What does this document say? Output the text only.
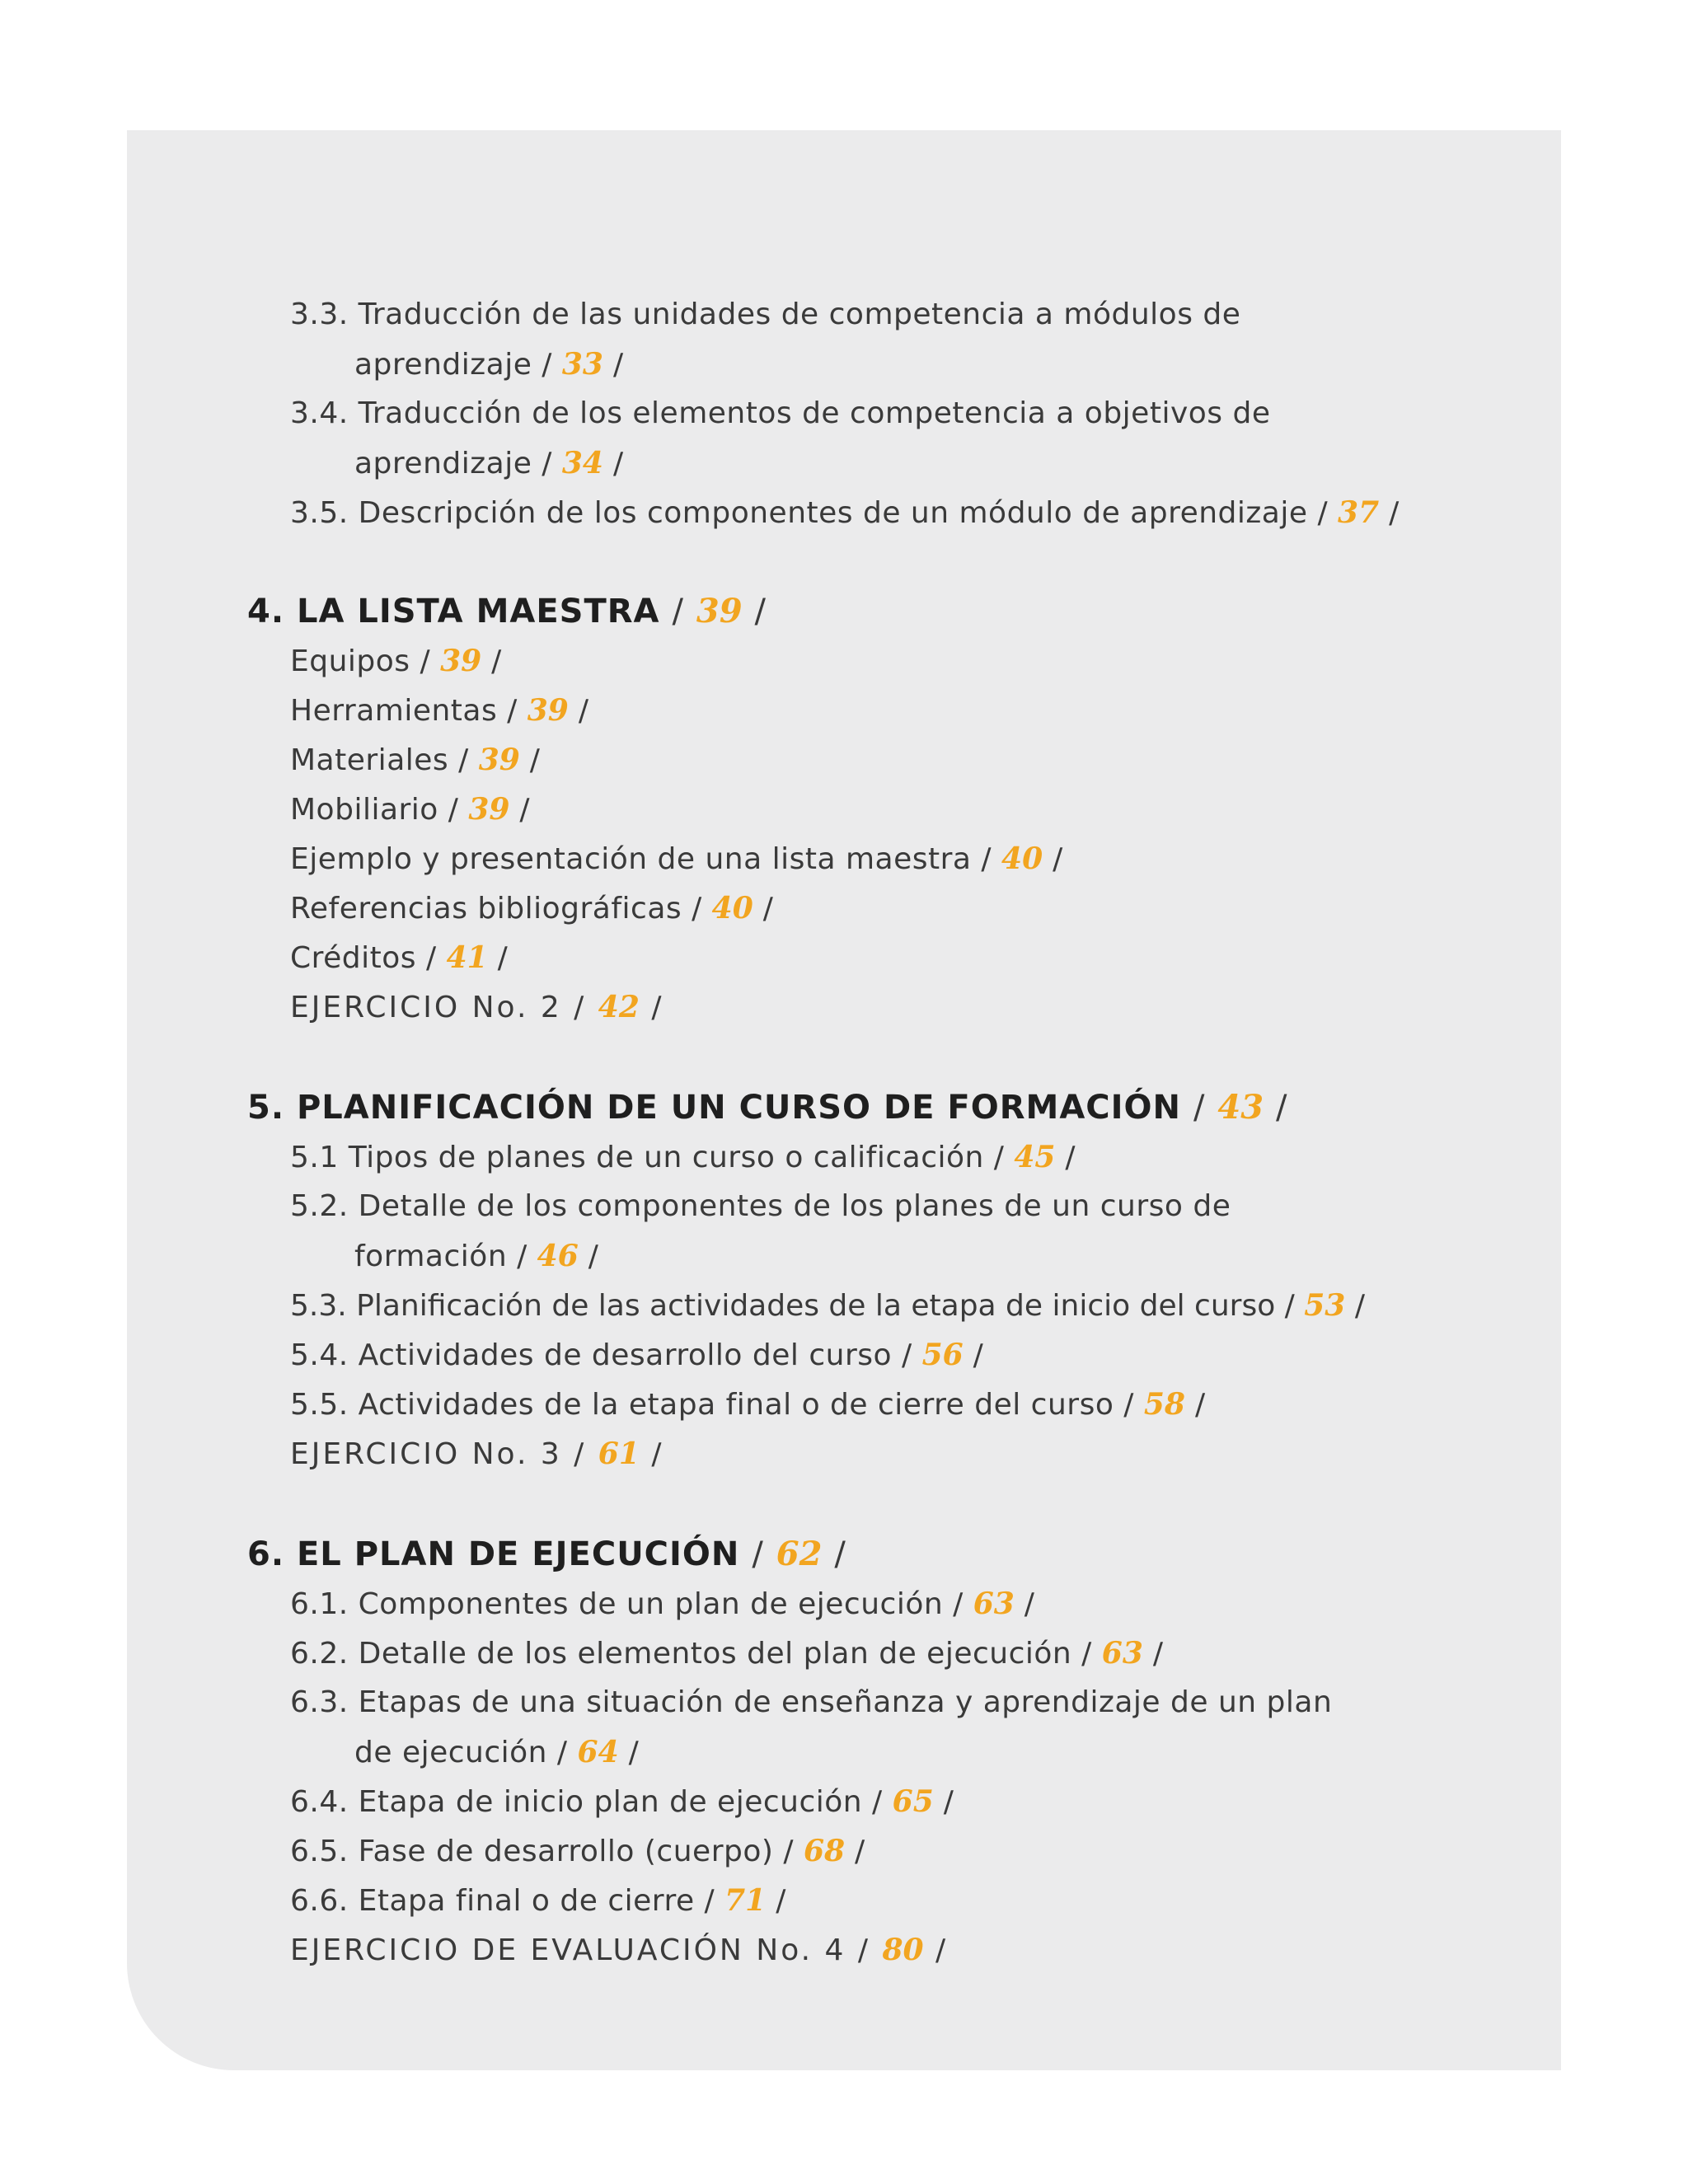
3.3. Traducción de las unidades de competencia a módulos de
aprendizaje / 33 /
3.4. Traducción de los elementos de competencia a objetivos de
aprendizaje / 34 /
3.5. Descripción de los componentes de un módulo de aprendizaje / 37 /
4. LA LISTA MAESTRA / 39 /
Equipos / 39 /
Herramientas / 39 /
Materiales / 39 /
Mobiliario / 39 /
Ejemplo y presentación de una lista maestra / 40 /
Referencias bibliográficas / 40 /
Créditos / 41 /
EJERCICIO No. 2 / 42 /
5. PLANIFICACIÓN DE UN CURSO DE FORMACIÓN / 43 /
5.1 Tipos de planes de un curso o calificación / 45 /
5.2. Detalle de los componentes de los planes de un curso de
formación / 46 /
5.3. Planificación de las actividades de la etapa de inicio del curso / 53 /
5.4. Actividades de desarrollo del curso / 56 /
5.5. Actividades de la etapa final o de cierre del curso / 58 /
EJERCICIO No. 3 / 61 /
6. EL PLAN DE EJECUCIÓN / 62 /
6.1. Componentes de un plan de ejecución / 63 /
6.2. Detalle de los elementos del plan de ejecución / 63 /
6.3. Etapas de una situación de enseñanza y aprendizaje de un plan
de ejecución / 64 /
6.4. Etapa de inicio plan de ejecución / 65 /
6.5. Fase de desarrollo (cuerpo) / 68 /
6.6. Etapa final o de cierre / 71 /
EJERCICIO DE EVALUACIÓN No. 4 / 80 /
